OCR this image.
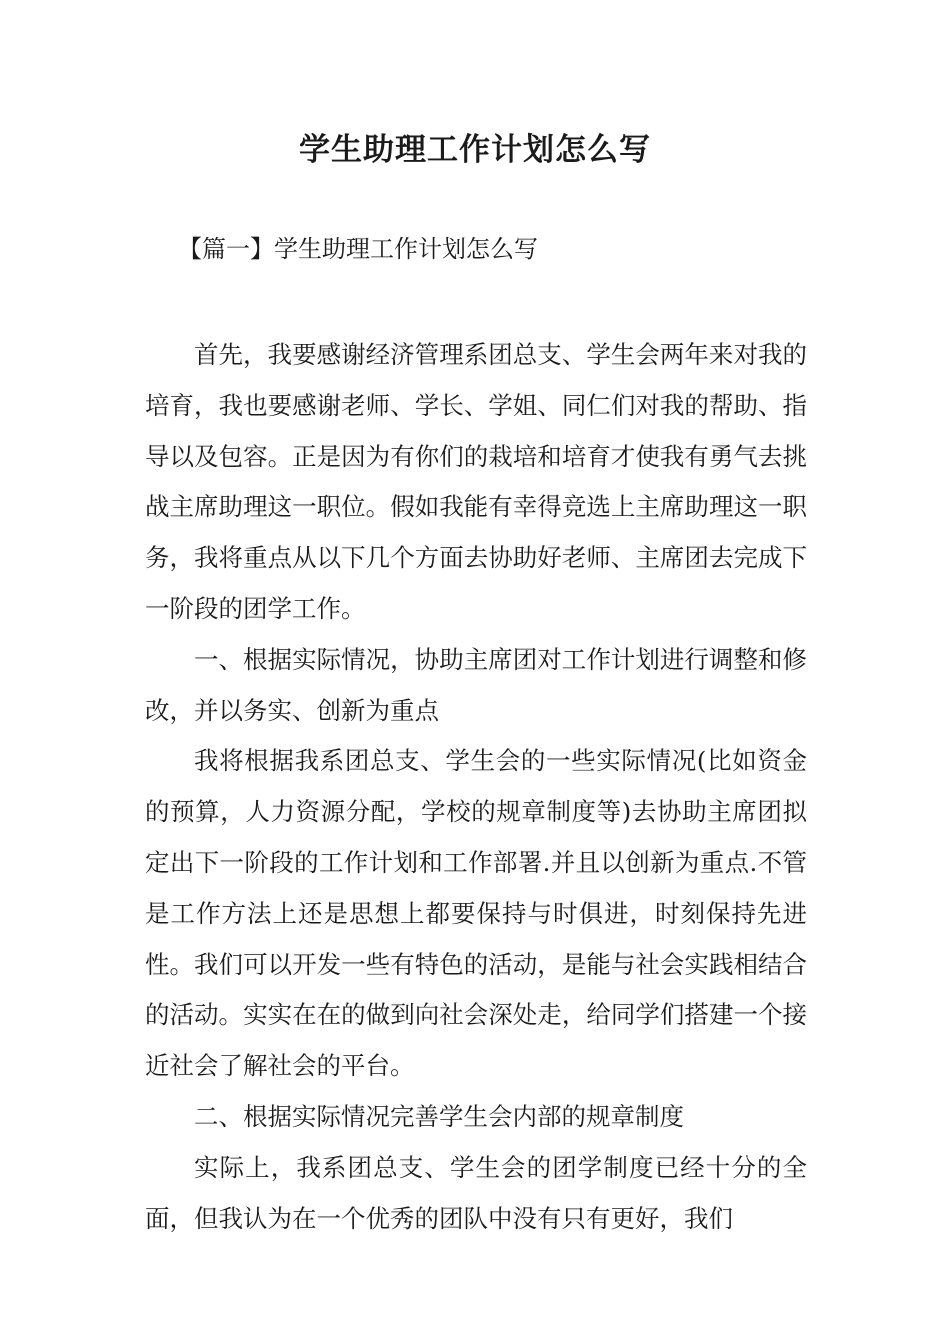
学生助理工作计划怎么写

【篇一】学生助理工作计划怎么写

首先，我要感谢经济管理系团总支、学生会两年来对我的培育，我也要感谢老师、学长、学姐、同仁们对我的帮助、指导以及包容。正是因为有你们的栽培和培育才使我有勇气去挑战主席助理这一职位。假如我能有幸得竞选上主席助理这一职务，我将重点从以下几个方面去协助好老师、主席团去完成下一阶段的团学工作。

一、根据实际情况，协助主席团对工作计划进行调整和修改，并以务实、创新为重点

我将根据我系团总支、学生会的一些实际情况(比如资金的预算，人力资源分配，学校的规章制度等)去协助主席团拟定出下一阶段的工作计划和工作部署.并且以创新为重点.不管是工作方法上还是思想上都要保持与时俱进，时刻保持先进性。我们可以开发一些有特色的活动，是能与社会实践相结合的活动。实实在在的做到向社会深处走，给同学们搭建一个接近社会了解社会的平台。

二、根据实际情况完善学生会内部的规章制度

实际上，我系团总支、学生会的团学制度已经十分的全面，但我认为在一个优秀的团队中没有只有更好，我们
